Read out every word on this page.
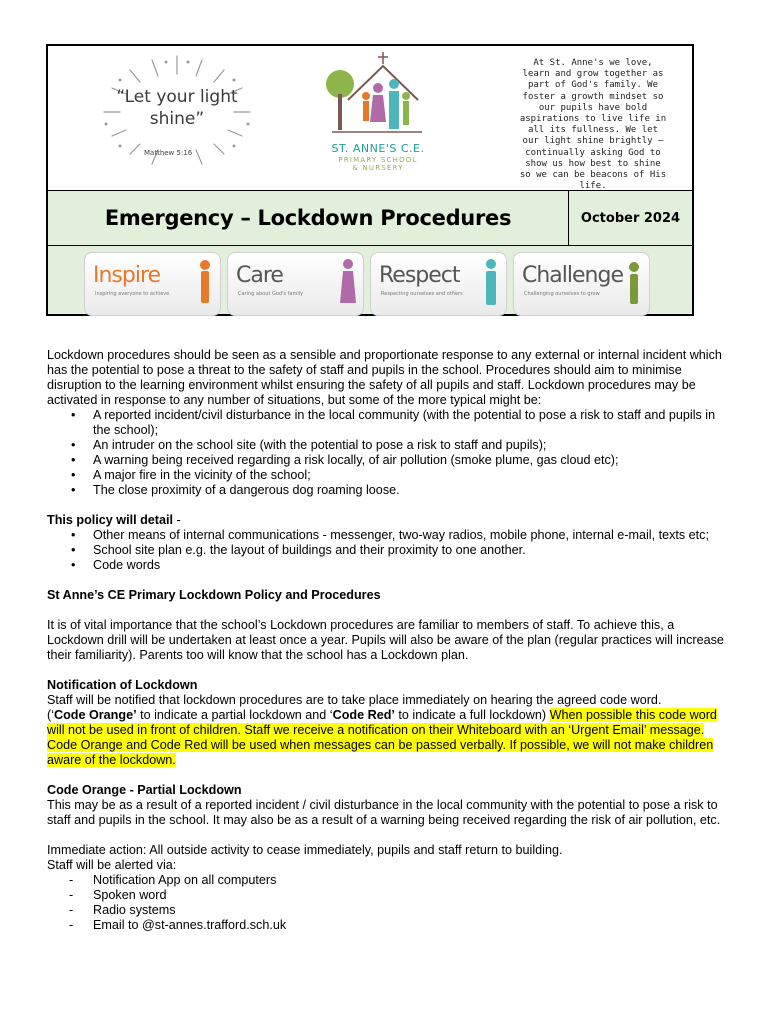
“Let your light shine”
Matthew 5:16	ST. ANNE'S C.E.
PRIMARY SCHOOL
& NURSERY
At St. Anne's we love, learn and grow together as part of God's family. We foster a growth mindset so our pupils have bold aspirations to live life in all its fullness. We let our light shine brightly – continually asking God to show us how best to shine so we can be beacons of His life.
Emergency – Lockdown Procedures	October 2024
Inspire
Inspiring everyone to achieve
Care
Caring about God's family
Respect
Respecting ourselves and others
Challenge
Challenging ourselves to grow

Lockdown procedures should be seen as a sensible and proportionate response to any external or internal incident which has the potential to pose a threat to the safety of staff and pupils in the school. Procedures should aim to minimise disruption to the learning environment whilst ensuring the safety of all pupils and staff. Lockdown procedures may be activated in response to any number of situations, but some of the more typical might be:

• A reported incident/civil disturbance in the local community (with the potential to pose a risk to staff and pupils in the school);
• An intruder on the school site (with the potential to pose a risk to staff and pupils);
• A warning being received regarding a risk locally, of air pollution (smoke plume, gas cloud etc);
• A major fire in the vicinity of the school;
• The close proximity of a dangerous dog roaming loose.

This policy will detail -

• Other means of internal communications - messenger, two-way radios, mobile phone, internal e-mail, texts etc;
• School site plan e.g. the layout of buildings and their proximity to one another.
• Code words

St Anne’s CE Primary Lockdown Policy and Procedures

It is of vital importance that the school’s Lockdown procedures are familiar to members of staff. To achieve this, a Lockdown drill will be undertaken at least once a year. Pupils will also be aware of the plan (regular practices will increase their familiarity). Parents too will know that the school has a Lockdown plan.

Notification of Lockdown

Staff will be notified that lockdown procedures are to take place immediately on hearing the agreed code word.
(‘Code Orange’ to indicate a partial lockdown and ‘Code Red’ to indicate a full lockdown) When possible this code word will not be used in front of children. Staff we receive a notification on their Whiteboard with an ‘Urgent Email’ message. Code Orange and Code Red will be used when messages can be passed verbally. If possible, we will not make children aware of the lockdown.

Code Orange - Partial Lockdown

This may be as a result of a reported incident / civil disturbance in the local community with the potential to pose a risk to staff and pupils in the school. It may also be as a result of a warning being received regarding the risk of air pollution, etc.

Immediate action: All outside activity to cease immediately, pupils and staff return to building.

Staff will be alerted via:

- Notification App on all computers
- Spoken word
- Radio systems
- Email to @st-annes.trafford.sch.uk
